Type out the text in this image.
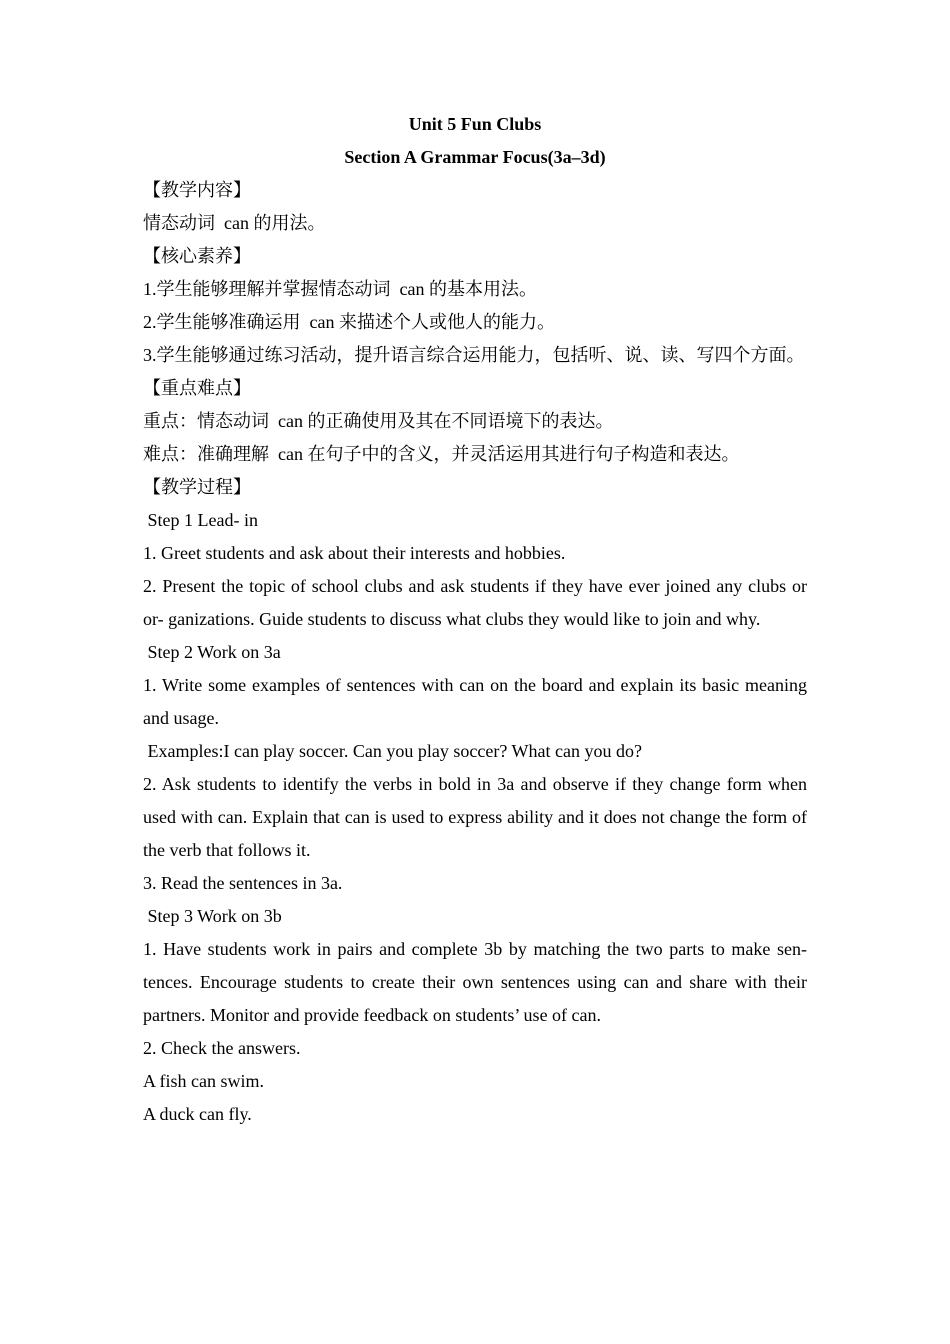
Unit 5 Fun Clubs

Section A Grammar Focus(3a–3d)

【教学内容】

情态动词  can 的用法。

【核心素养】

1.学生能够理解并掌握情态动词  can 的基本用法。

2.学生能够准确运用  can 来描述个人或他人的能力。

3.学生能够通过练习活动，提升语言综合运用能力，包括听、说、读、写四个方面。

【重点难点】

重点：情态动词  can 的正确使用及其在不同语境下的表达。

难点：准确理解  can 在句子中的含义，并灵活运用其进行句子构造和表达。

【教学过程】

Step 1 Lead- in

1. Greet students and ask about their interests and hobbies.

2. Present the topic of school clubs and ask students if they have ever joined any clubs or or- ganizations. Guide students to discuss what clubs they would like to join and why.

Step 2 Work on 3a

1. Write some examples of sentences with can on the board and explain its basic meaning and usage.

Examples:I can play soccer. Can you play soccer? What can you do?

2. Ask students to identify the verbs in bold in 3a and observe if they change form when used with can. Explain that can is used to express ability and it does not change the form of the verb that follows it.

3. Read the sentences in 3a.

Step 3 Work on 3b

1. Have students work in pairs and complete 3b by matching the two parts to make sen- tences. Encourage students to create their own sentences using can and share with their partners. Monitor and provide feedback on students’ use of can.

2. Check the answers.

A fish can swim.

A duck can fly.
